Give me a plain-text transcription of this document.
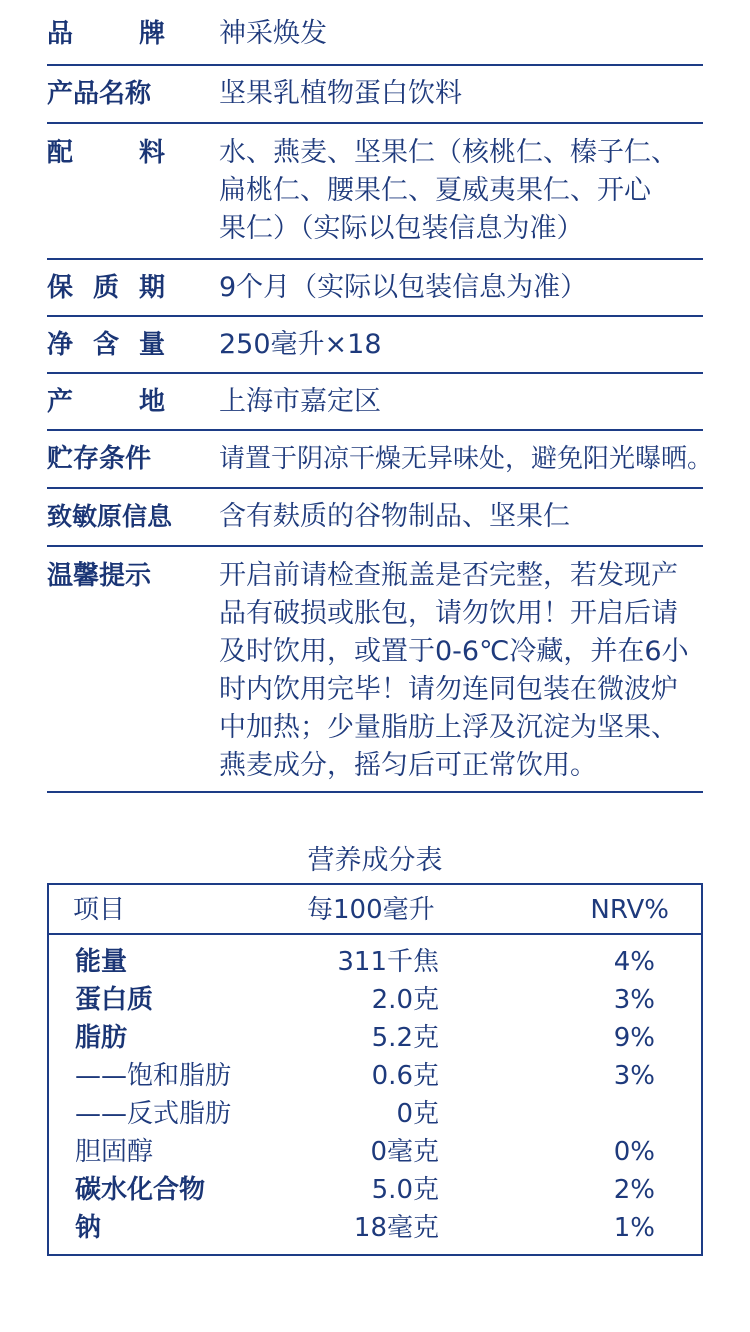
品	牌 神采焕发
产品名称	坚果乳植物蛋白饮料
配	料 水、燕麦、坚果仁（核桃仁、榛子仁、
扁桃仁、腰果仁、夏威夷果仁、开心
果仁）（实际以包装信息为准）
保 质 期 9个月（实际以包装信息为准）
净 含 量 250毫升×18
产	地 上海市嘉定区
贮存条件	请置于阴凉干燥无异味处，避免阳光曝晒。
致敏原信息	含有麸质的谷物制品、坚果仁
温馨提示	开启前请检查瓶盖是否完整，若发现产
品有破损或胀包，请勿饮用！开启后请
及时饮用，或置于0-6℃冷藏，并在6小
时内饮用完毕！请勿连同包装在微波炉
中加热；少量脂肪上浮及沉淀为坚果、
燕麦成分，摇匀后可正常饮用。
营养成分表
项目	每100毫升	NRV%
能量	311千焦	4%
蛋白质	2.0克	3%
脂肪	5.2克	9%
——饱和脂肪	0.6克	3%
——反式脂肪	0克
胆固醇	0毫克	0%
碳水化合物	5.0克	2%
钠	18毫克	1%
